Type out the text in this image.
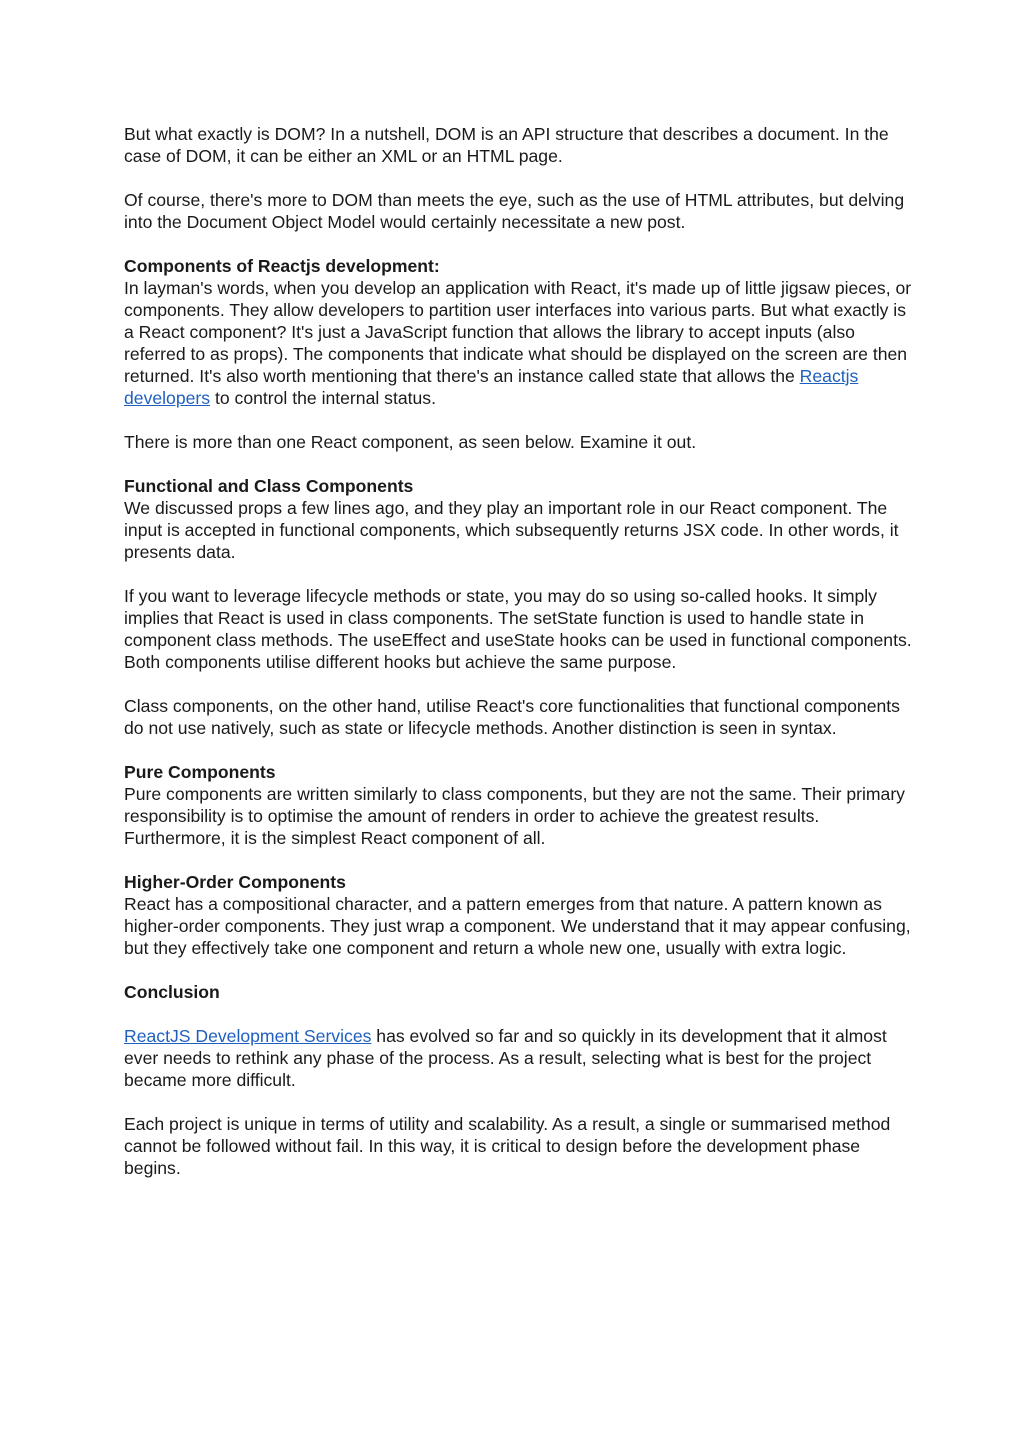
But what exactly is DOM? In a nutshell, DOM is an API structure that describes a document. In the case of DOM, it can be either an XML or an HTML page.

Of course, there's more to DOM than meets the eye, such as the use of HTML attributes, but delving into the Document Object Model would certainly necessitate a new post.

Components of Reactjs development:
In layman's words, when you develop an application with React, it's made up of little jigsaw pieces, or components. They allow developers to partition user interfaces into various parts. But what exactly is a React component? It's just a JavaScript function that allows the library to accept inputs (also referred to as props). The components that indicate what should be displayed on the screen are then returned. It's also worth mentioning that there's an instance called state that allows the Reactjs developers to control the internal status.

There is more than one React component, as seen below. Examine it out.

Functional and Class Components
We discussed props a few lines ago, and they play an important role in our React component. The input is accepted in functional components, which subsequently returns JSX code. In other words, it presents data.

If you want to leverage lifecycle methods or state, you may do so using so-called hooks. It simply implies that React is used in class components. The setState function is used to handle state in component class methods. The useEffect and useState hooks can be used in functional components. Both components utilise different hooks but achieve the same purpose.

Class components, on the other hand, utilise React's core functionalities that functional components do not use natively, such as state or lifecycle methods. Another distinction is seen in syntax.

Pure Components
Pure components are written similarly to class components, but they are not the same. Their primary responsibility is to optimise the amount of renders in order to achieve the greatest results. Furthermore, it is the simplest React component of all.
Higher-Order Components
React has a compositional character, and a pattern emerges from that nature. A pattern known as higher-order components. They just wrap a component. We understand that it may appear confusing, but they effectively take one component and return a whole new one, usually with extra logic.

Conclusion

ReactJS Development Services has evolved so far and so quickly in its development that it almost ever needs to rethink any phase of the process. As a result, selecting what is best for the project became more difficult.

Each project is unique in terms of utility and scalability. As a result, a single or summarised method cannot be followed without fail. In this way, it is critical to design before the development phase begins.
